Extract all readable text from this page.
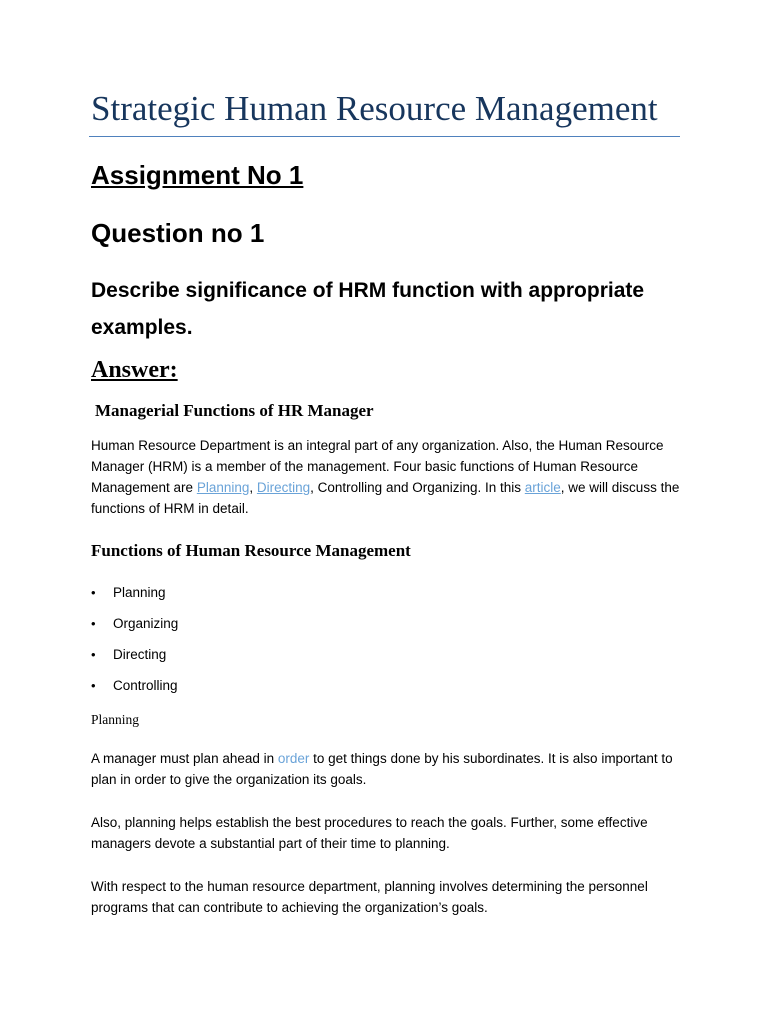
Strategic Human Resource Management
Assignment No 1
Question no 1
Describe significance of HRM function with appropriate examples.
Answer:
Managerial Functions of HR Manager

Human Resource Department is an integral part of any organization. Also, the Human Resource Manager (HRM) is a member of the management. Four basic functions of Human Resource Management are Planning, Directing, Controlling and Organizing. In this article, we will discuss the functions of HRM in detail.

Functions of Human Resource Management
• Planning
• Organizing
• Directing
• Controlling
Planning

A manager must plan ahead in order to get things done by his subordinates. It is also important to plan in order to give the organization its goals.

Also, planning helps establish the best procedures to reach the goals. Further, some effective managers devote a substantial part of their time to planning.

With respect to the human resource department, planning involves determining the personnel programs that can contribute to achieving the organization’s goals.
